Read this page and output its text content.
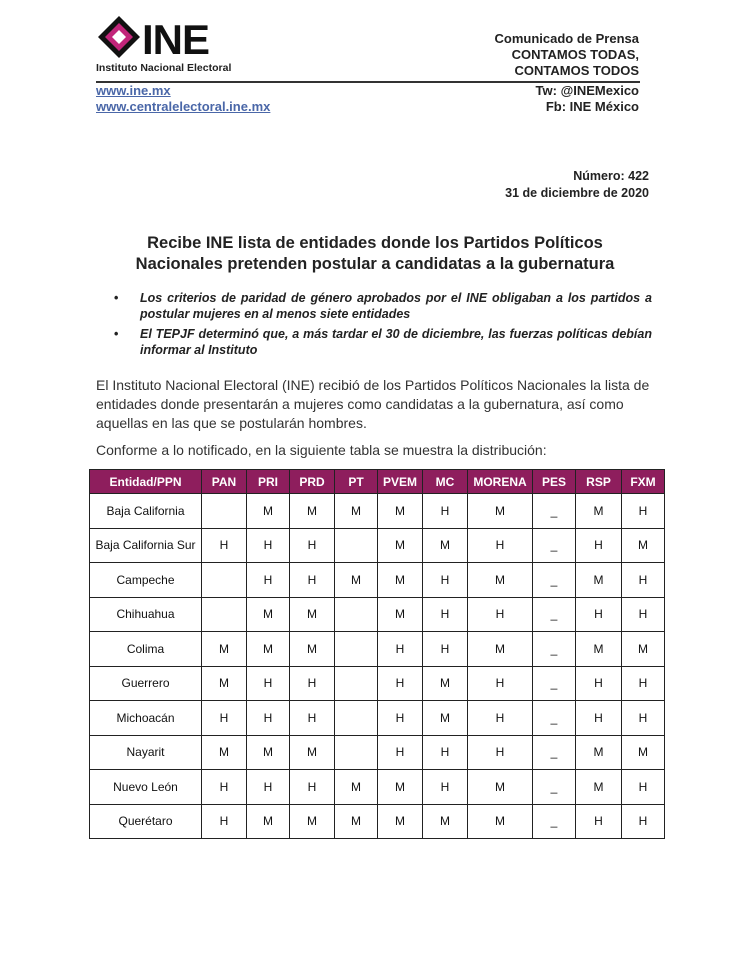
INE
Instituto Nacional Electoral
Comunicado de Prensa
CONTAMOS TODAS,
CONTAMOS TODOS
www.ine.mx
www.centralelectoral.ine.mx
Tw: @INEMexico
Fb: INE México
Número: 422
31 de diciembre de 2020
Recibe INE lista de entidades donde los Partidos Políticos
Nacionales pretenden postular a candidatas a la gubernatura
• Los criterios de paridad de género aprobados por el INE obligaban a los partidos a postular mujeres en al menos siete entidades
• El TEPJF determinó que, a más tardar el 30 de diciembre, las fuerzas políticas debían informar al Instituto
El Instituto Nacional Electoral (INE) recibió de los Partidos Políticos Nacionales la lista de entidades donde presentarán a mujeres como candidatas a la gubernatura, así como aquellas en las que se postularán hombres.
Conforme a lo notificado, en la siguiente tabla se muestra la distribución:
Entidad/PPN	PAN	PRI	PRD	PT	PVEM	MC	MORENA	PES	RSP	FXM
Baja California		M	M	M	M	H	M	_	M	H
Baja California Sur	H	H	H		M	M	H	_	H	M
Campeche		H	H	M	M	H	M	_	M	H
Chihuahua		M	M		M	H	H	_	H	H
Colima	M	M	M		H	H	M	_	M	M
Guerrero	M	H	H		H	M	H	_	H	H
Michoacán	H	H	H		H	M	H	_	H	H
Nayarit	M	M	M		H	H	H	_	M	M
Nuevo León	H	H	H	M	M	H	M	_	M	H
Querétaro	H	M	M	M	M	M	M	_	H	H
